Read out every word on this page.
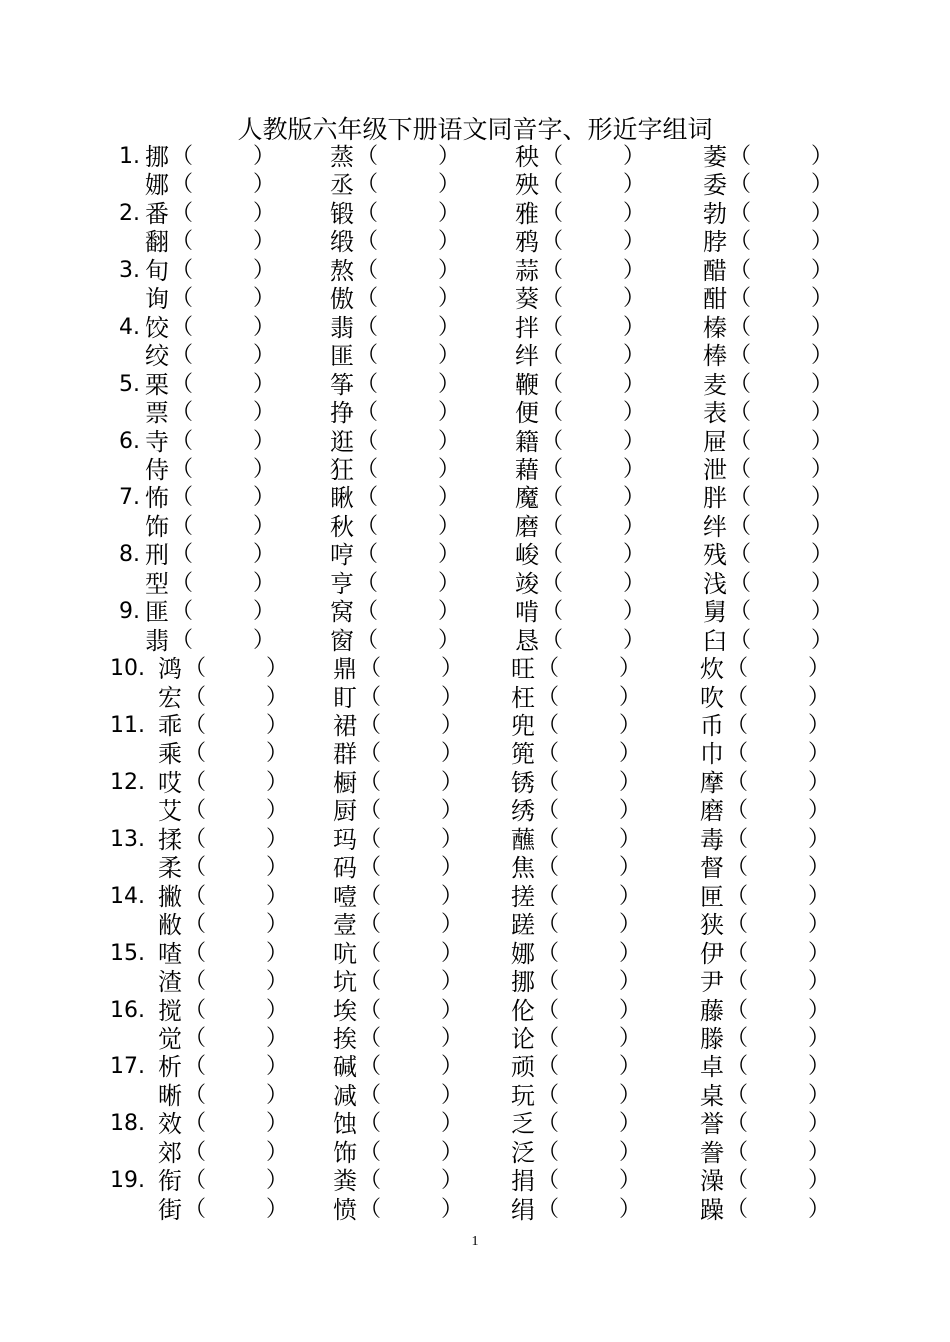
人教版六年级下册语文同音字、形近字组词
1. 挪 （	） 蒸 （	） 秧 （	） 萎 （	）
娜 （	） 丞 （	） 殃 （	） 委 （	）
2. 番 （	） 锻 （	） 雅 （	） 勃 （	）
翻 （	） 缎 （	） 鸦 （	） 脖 （	）
3. 旬 （	） 熬 （	） 蒜 （	） 醋 （	）
询 （	） 傲 （	） 葵 （	） 酣 （	）
4. 饺 （	） 翡 （	） 拌 （	） 榛 （	）
绞 （	） 匪 （	） 绊 （	） 棒 （	）
5. 栗 （	） 筝 （	） 鞭 （	） 麦 （	）
票 （	） 挣 （	） 便 （	） 表 （	）
6. 寺 （	） 逛 （	） 籍 （	） 屉 （	）
侍 （	） 狂 （	） 藉 （	） 泄 （	）
7. 怖 （	） 瞅 （	） 魔 （	） 胖 （	）
饰 （	） 秋 （	） 磨 （	） 绊 （	）
8. 刑 （	） 哼 （	） 峻 （	） 残 （	）
型 （	） 亨 （	） 竣 （	） 浅 （	）
9. 匪 （	） 窝 （	） 啃 （	） 舅 （	）
翡 （	） 窗 （	） 恳 （	） 臼 （	）
10. 鸿 （	） 鼎 （	） 旺 （	） 炊 （	）
宏 （	） 盯 （	） 枉 （	） 吹 （	）
11. 乖 （	） 裙 （	） 兜 （	） 币 （	）
乘 （	） 群 （	） 篼 （	） 巾 （	）
12. 哎 （	） 橱 （	） 锈 （	） 摩 （	）
艾 （	） 厨 （	） 绣 （	） 磨 （	）
13. 揉 （	） 玛 （	） 蘸 （	） 毒 （	）
柔 （	） 码 （	） 焦 （	） 督 （	）
14. 撇 （	） 噎 （	） 搓 （	） 匣 （	）
敝 （	） 壹 （	） 蹉 （	） 狭 （	）
15. 喳 （	） 吭 （	） 娜 （	） 伊 （	）
渣 （	） 坑 （	） 挪 （	） 尹 （	）
16. 搅 （	） 埃 （	） 伦 （	） 藤 （	）
觉 （	） 挨 （	） 论 （	） 滕 （	）
17. 析 （	） 碱 （	） 顽 （	） 卓 （	）
晰 （	） 减 （	） 玩 （	） 桌 （	）
18. 效 （	） 蚀 （	） 乏 （	） 誉 （	）
郊 （	） 饰 （	） 泛 （	） 誊 （	）
19. 衔 （	） 粪 （	） 捐 （	） 澡 （	）
街 （	） 愤 （	） 绢 （	） 躁 （	）
1
